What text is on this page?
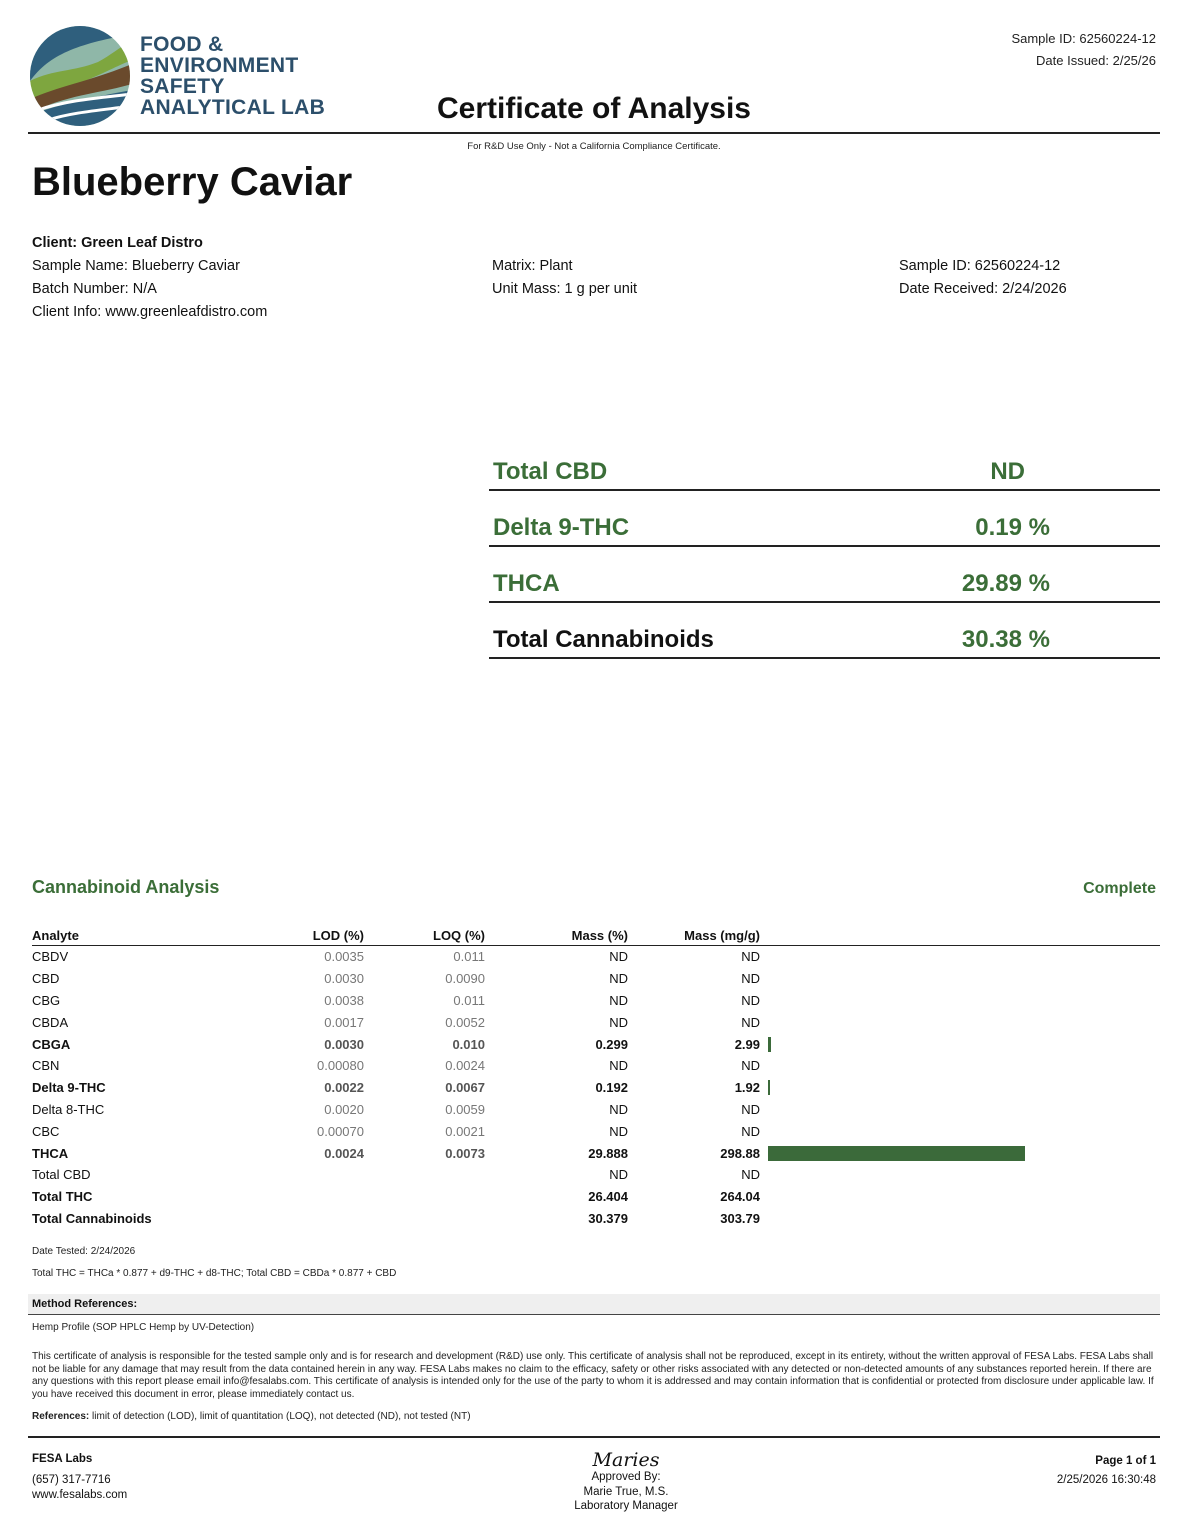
FOOD &
ENVIRONMENT
SAFETY
ANALYTICAL LAB
Sample ID: 62560224-12
Date Issued: 2/25/26
Certificate of Analysis
For R&D Use Only - Not a California Compliance Certificate.
Blueberry Caviar
Client: Green Leaf Distro
Sample Name: Blueberry Caviar
Batch Number: N/A
Client Info: www.greenleafdistro.com
Matrix: Plant
Unit Mass: 1 g per unit
Sample ID: 62560224-12
Date Received: 2/24/2026
Total CBD	ND
Delta 9-THC	0.19 %
THCA	29.89 %
Total Cannabinoids	30.38 %
Cannabinoid Analysis	Complete
Analyte	LOD (%)	LOQ (%)	Mass (%)	Mass (mg/g)	
CBDV	0.0035	0.011	ND	ND	
CBD	0.0030	0.0090	ND	ND	
CBG	0.0038	0.011	ND	ND	
CBDA	0.0017	0.0052	ND	ND	
CBGA	0.0030	0.010	0.299	2.99	

CBN	0.00080	0.0024	ND	ND	
Delta 9-THC	0.0022	0.0067	0.192	1.92	

Delta 8-THC	0.0020	0.0059	ND	ND	
CBC	0.00070	0.0021	ND	ND	
THCA	0.0024	0.0073	29.888	298.88	

Total CBD			ND	ND	
Total THC			26.404	264.04	
Total Cannabinoids			30.379	303.79	
Date Tested: 2/24/2026
Total THC = THCa * 0.877 + d9-THC + d8-THC; Total CBD = CBDa * 0.877 + CBD
Method References:
Hemp Profile (SOP HPLC Hemp by UV-Detection)
This certificate of analysis is responsible for the tested sample only and is for research and development (R&D) use only. This certificate of analysis shall not be reproduced, except in its entirety, without the written approval of FESA Labs. FESA Labs shall not be liable for any damage that may result from the data contained herein in any way. FESA Labs makes no claim to the efficacy, safety or other risks associated with any detected or non-detected amounts of any substances reported herein. If there are any questions with this report please email info@fesalabs.com. This certificate of analysis is intended only for the use of the party to whom it is addressed and may contain information that is confidential or protected from disclosure under applicable law. If you have received this document in error, please immediately contact us.
References: limit of detection (LOD), limit of quantitation (LOQ), not detected (ND), not tested (NT)
FESA Labs
(657) 317-7716
www.fesalabs.com
Maries
Approved By:
Marie True, M.S.
Laboratory Manager
Page 1 of 1
2/25/2026 16:30:48
